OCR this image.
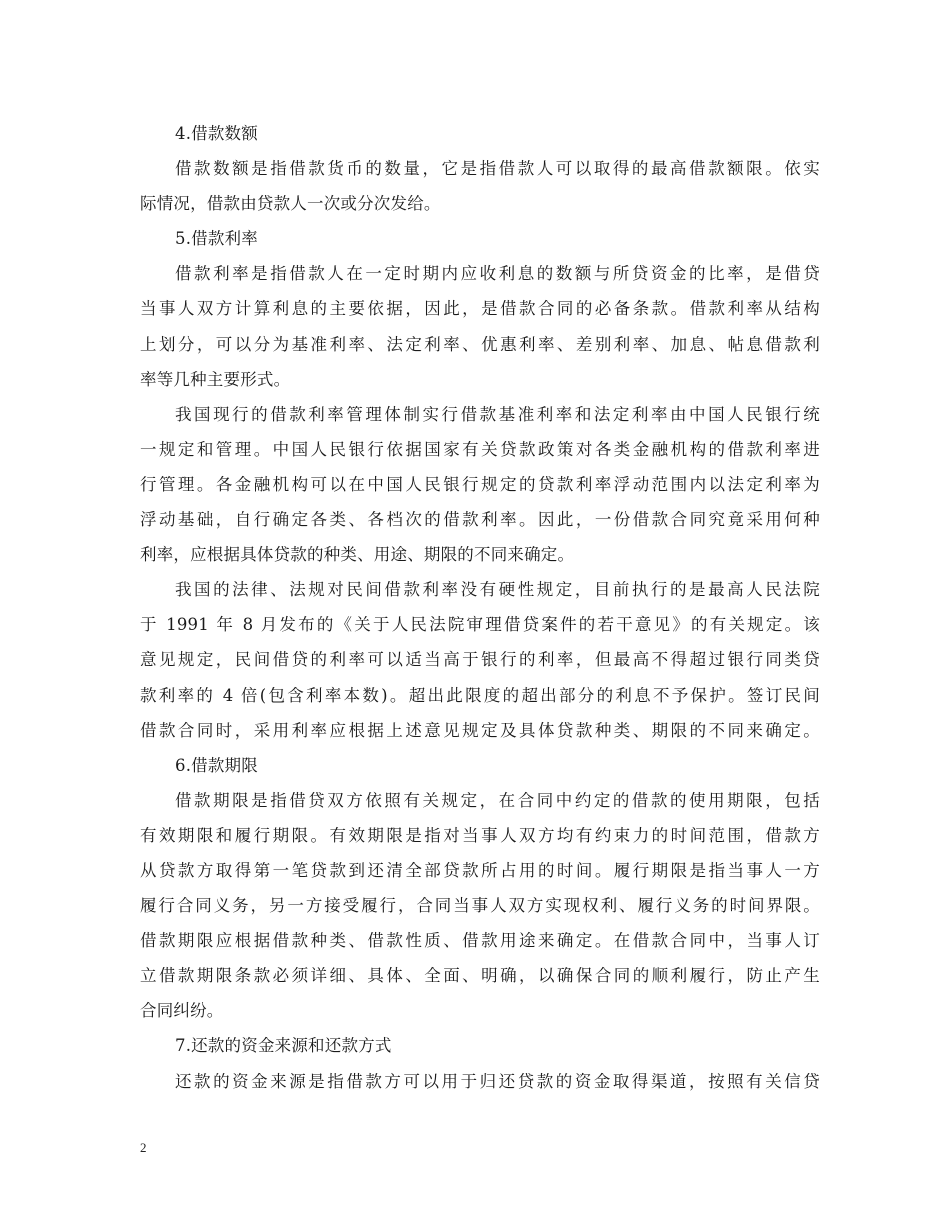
4.借款数额
借款数额是指借款货币的数量，它是指借款人可以取得的最高借款额限。依实
际情况，借款由贷款人一次或分次发给。
5.借款利率
借款利率是指借款人在一定时期内应收利息的数额与所贷资金的比率，是借贷
当事人双方计算利息的主要依据，因此，是借款合同的必备条款。借款利率从结构
上划分，可以分为基准利率、法定利率、优惠利率、差别利率、加息、帖息借款利
率等几种主要形式。
我国现行的借款利率管理体制实行借款基准利率和法定利率由中国人民银行统
一规定和管理。中国人民银行依据国家有关贷款政策对各类金融机构的借款利率进
行管理。各金融机构可以在中国人民银行规定的贷款利率浮动范围内以法定利率为
浮动基础，自行确定各类、各档次的借款利率。因此，一份借款合同究竟采用何种
利率，应根据具体贷款的种类、用途、期限的不同来确定。
我国的法律、法规对民间借款利率没有硬性规定，目前执行的是最高人民法院
于 1991 年 8 月发布的《关于人民法院审理借贷案件的若干意见》的有关规定。该
意见规定，民间借贷的利率可以适当高于银行的利率，但最高不得超过银行同类贷
款利率的 4 倍(包含利率本数)。超出此限度的超出部分的利息不予保护。签订民间
借款合同时，采用利率应根据上述意见规定及具体贷款种类、期限的不同来确定。
6.借款期限
借款期限是指借贷双方依照有关规定，在合同中约定的借款的使用期限，包括
有效期限和履行期限。有效期限是指对当事人双方均有约束力的时间范围，借款方
从贷款方取得第一笔贷款到还清全部贷款所占用的时间。履行期限是指当事人一方
履行合同义务，另一方接受履行，合同当事人双方实现权利、履行义务的时间界限。
借款期限应根据借款种类、借款性质、借款用途来确定。在借款合同中，当事人订
立借款期限条款必须详细、具体、全面、明确，以确保合同的顺利履行，防止产生
合同纠纷。
7.还款的资金来源和还款方式
还款的资金来源是指借款方可以用于归还贷款的资金取得渠道，按照有关信贷
2
